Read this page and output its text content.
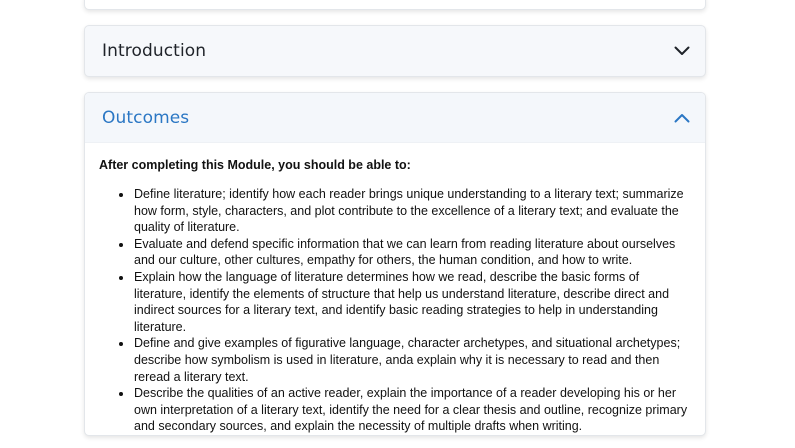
Introduction
Outcomes

After completing this Module, you should be able to:

• Define literature; identify how each reader brings unique understanding to a literary text; summarize how form, style, characters, and plot contribute to the excellence of a literary text; and evaluate the quality of literature.
• Evaluate and defend specific information that we can learn from reading literature about ourselves and our culture, other cultures, empathy for others, the human condition, and how to write.
• Explain how the language of literature determines how we read, describe the basic forms of literature, identify the elements of structure that help us understand literature, describe direct and indirect sources for a literary text, and identify basic reading strategies to help in understanding literature.
• Define and give examples of figurative language, character archetypes, and situational archetypes; describe how symbolism is used in literature, anda explain why it is necessary to read and then reread a literary text.
• Describe the qualities of an active reader, explain the importance of a reader developing his or her own interpretation of a literary text, identify the need for a clear thesis and outline, recognize primary and secondary sources, and explain the necessity of multiple drafts when writing.
